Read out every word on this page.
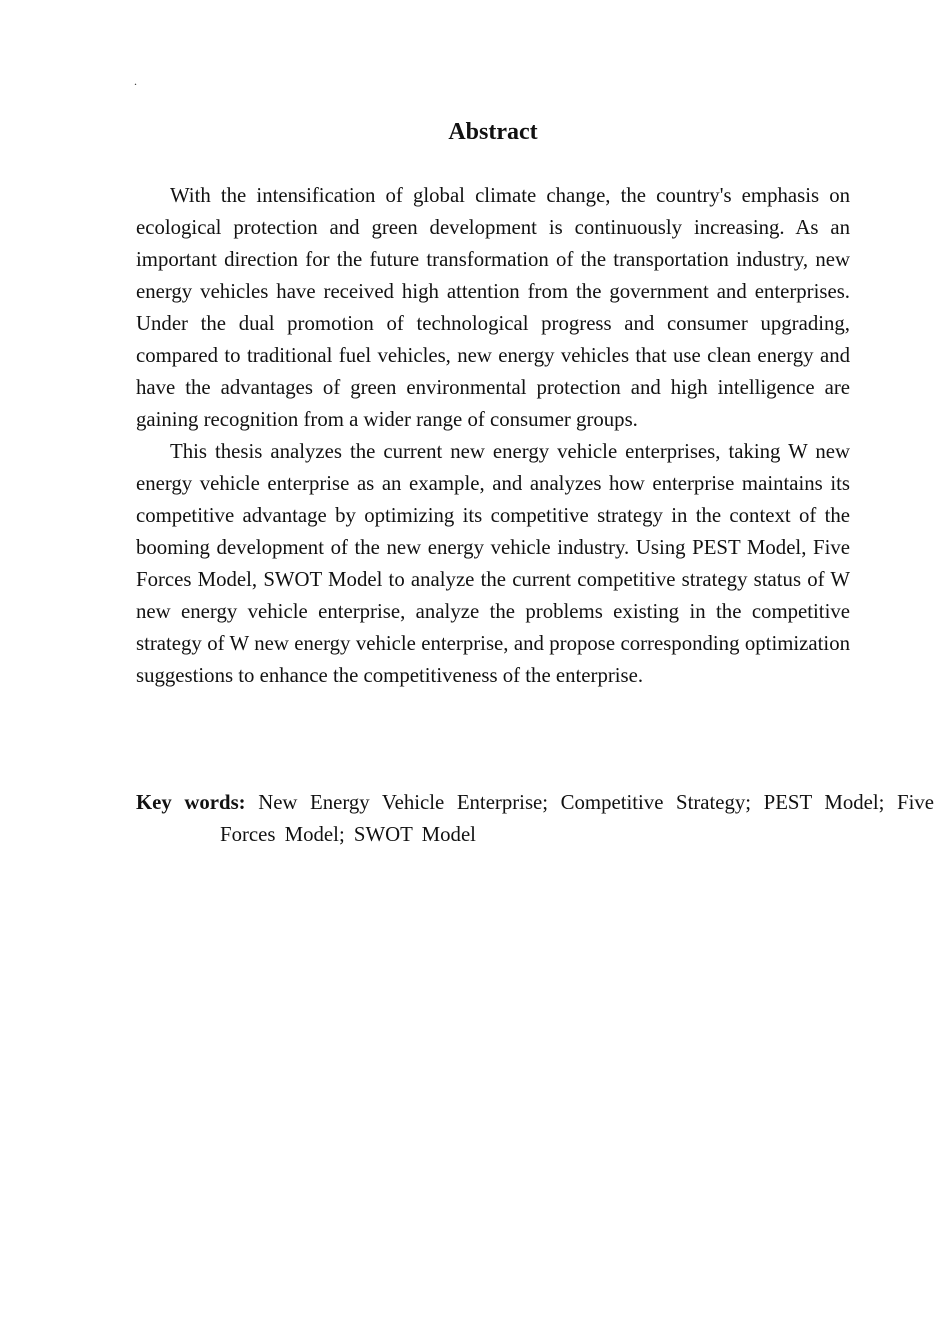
.
Abstract

With the intensification of global climate change, the country's emphasis on ecological protection and green development is continuously increasing. As an important direction for the future transformation of the transportation industry, new energy vehicles have received high attention from the government and enterprises. Under the dual promotion of technological progress and consumer upgrading, compared to traditional fuel vehicles, new energy vehicles that use clean energy and have the advantages of green environmental protection and high intelligence are gaining recognition from a wider range of consumer groups.

This thesis analyzes the current new energy vehicle enterprises, taking W new energy vehicle enterprise as an example, and analyzes how enterprise maintains its competitive advantage by optimizing its competitive strategy in the context of the booming development of the new energy vehicle industry. Using PEST Model, Five Forces Model, SWOT Model to analyze the current competitive strategy status of W new energy vehicle enterprise, analyze the problems existing in the competitive strategy of W new energy vehicle enterprise, and propose corresponding optimization suggestions to enhance the competitiveness of the enterprise.

Key words: New Energy Vehicle Enterprise; Competitive Strategy; PEST Model; Five Forces Model; SWOT Model
